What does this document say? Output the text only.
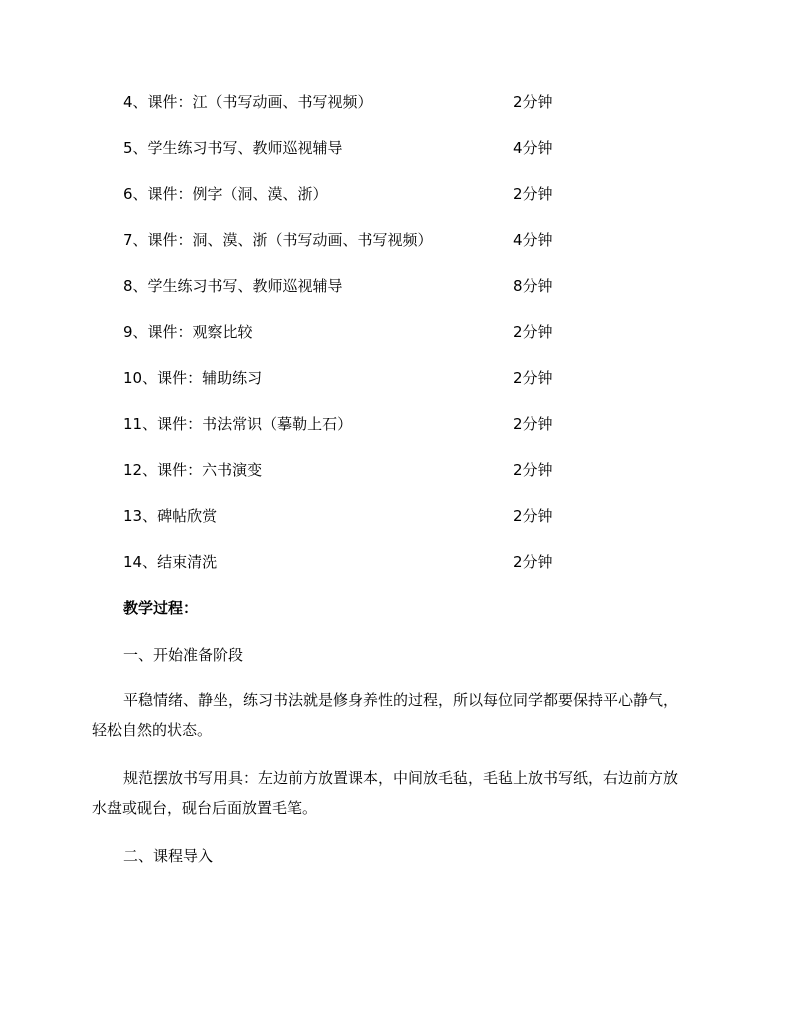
4、课件：江（书写动画、书写视频）	2分钟
5、学生练习书写、教师巡视辅导	4分钟
6、课件：例字（洞、漠、浙）	2分钟
7、课件：洞、漠、浙（书写动画、书写视频）	4分钟
8、学生练习书写、教师巡视辅导	8分钟
9、课件：观察比较	2分钟
10、课件：辅助练习	2分钟
11、课件：书法常识（摹勒上石）	2分钟
12、课件：六书演变	2分钟
13、碑帖欣赏	2分钟
14、结束清洗	2分钟
教学过程：
一、开始准备阶段
平稳情绪、静坐，练习书法就是修身养性的过程，所以每位同学都要保持平心静气，
轻松自然的状态。
规范摆放书写用具：左边前方放置课本，中间放毛毡，毛毡上放书写纸，右边前方放
水盘或砚台，砚台后面放置毛笔。
二、课程导入
